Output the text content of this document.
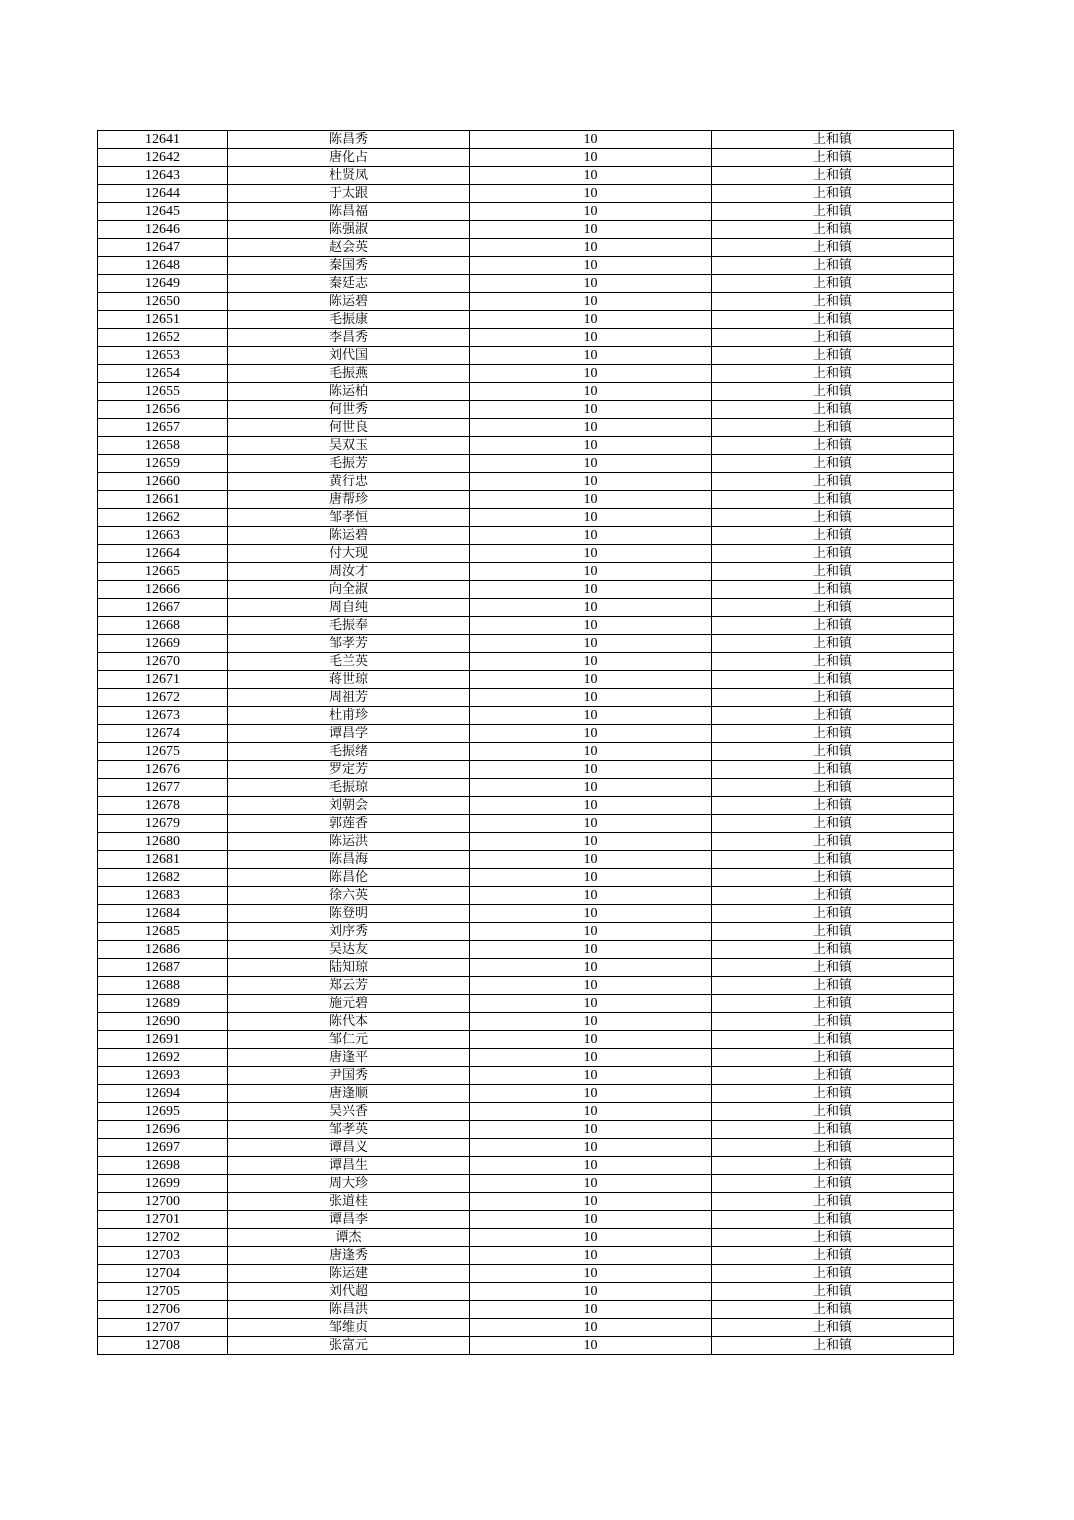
12641	陈昌秀	10	上和镇
12642	唐化占	10	上和镇
12643	杜贤凤	10	上和镇
12644	于太跟	10	上和镇
12645	陈昌福	10	上和镇
12646	陈强淑	10	上和镇
12647	赵会英	10	上和镇
12648	秦国秀	10	上和镇
12649	秦廷志	10	上和镇
12650	陈运碧	10	上和镇
12651	毛振康	10	上和镇
12652	李昌秀	10	上和镇
12653	刘代国	10	上和镇
12654	毛振燕	10	上和镇
12655	陈运柏	10	上和镇
12656	何世秀	10	上和镇
12657	何世良	10	上和镇
12658	吴双玉	10	上和镇
12659	毛振芳	10	上和镇
12660	黄行忠	10	上和镇
12661	唐帮珍	10	上和镇
12662	邹孝恒	10	上和镇
12663	陈运碧	10	上和镇
12664	付大现	10	上和镇
12665	周汝才	10	上和镇
12666	向全淑	10	上和镇
12667	周自纯	10	上和镇
12668	毛振奉	10	上和镇
12669	邹孝芳	10	上和镇
12670	毛兰英	10	上和镇
12671	蒋世琼	10	上和镇
12672	周祖芳	10	上和镇
12673	杜甫珍	10	上和镇
12674	谭昌学	10	上和镇
12675	毛振绪	10	上和镇
12676	罗定芳	10	上和镇
12677	毛振琼	10	上和镇
12678	刘朝会	10	上和镇
12679	郭莲香	10	上和镇
12680	陈运洪	10	上和镇
12681	陈昌海	10	上和镇
12682	陈昌伦	10	上和镇
12683	徐六英	10	上和镇
12684	陈登明	10	上和镇
12685	刘序秀	10	上和镇
12686	吴达友	10	上和镇
12687	陆知琼	10	上和镇
12688	郑云芳	10	上和镇
12689	施元碧	10	上和镇
12690	陈代本	10	上和镇
12691	邹仁元	10	上和镇
12692	唐逢平	10	上和镇
12693	尹国秀	10	上和镇
12694	唐逢顺	10	上和镇
12695	吴兴香	10	上和镇
12696	邹孝英	10	上和镇
12697	谭昌义	10	上和镇
12698	谭昌生	10	上和镇
12699	周大珍	10	上和镇
12700	张道桂	10	上和镇
12701	谭昌李	10	上和镇
12702	谭杰	10	上和镇
12703	唐逢秀	10	上和镇
12704	陈运建	10	上和镇
12705	刘代超	10	上和镇
12706	陈昌洪	10	上和镇
12707	邹维贞	10	上和镇
12708	张富元	10	上和镇
